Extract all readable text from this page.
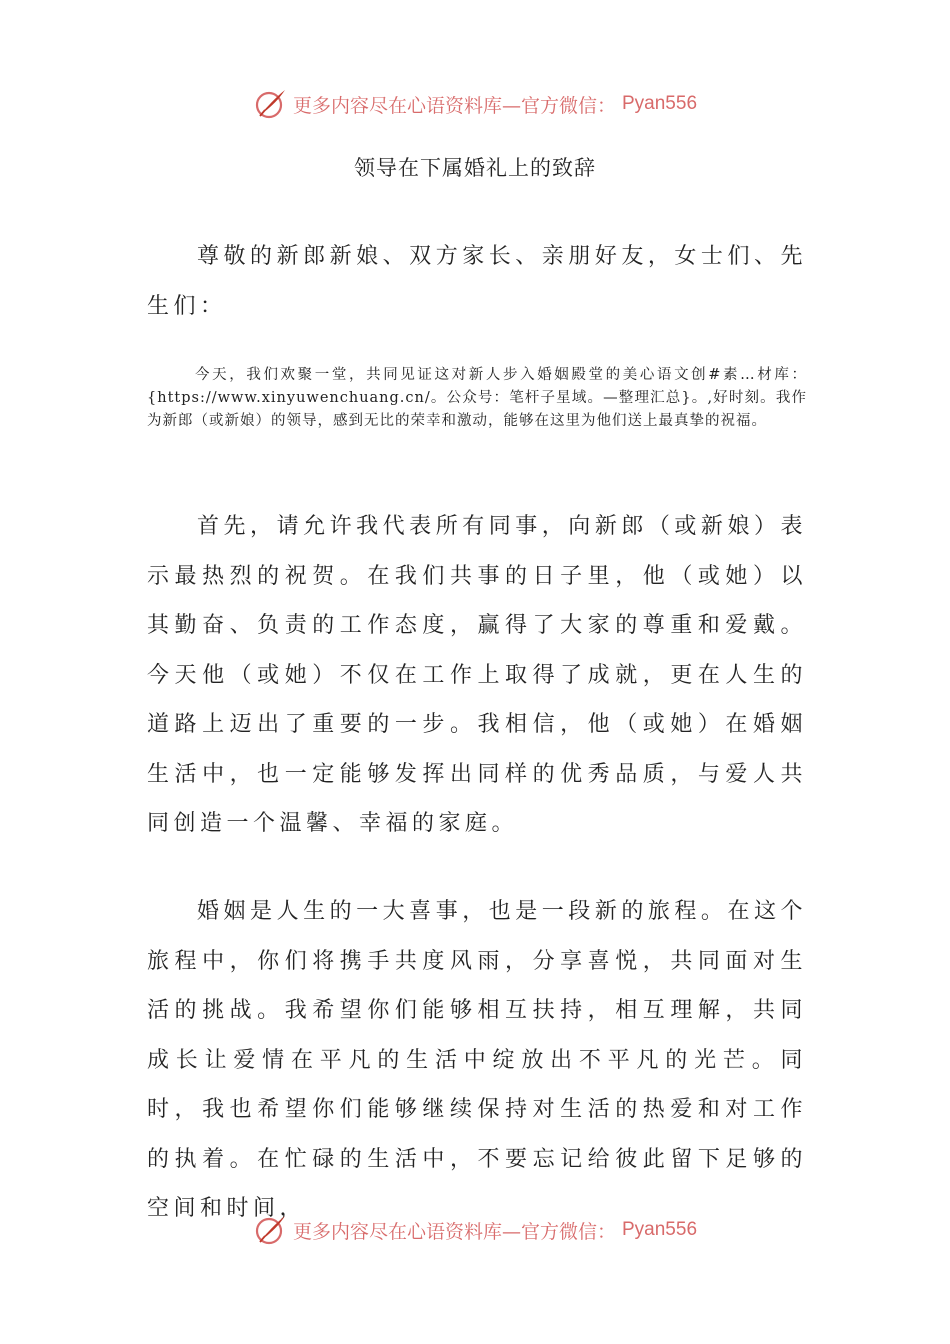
更多内容尽在心语资料库—官方微信： Pyan556
领导在下属婚礼上的致辞

尊敬的新郎新娘、双方家长、亲朋好友，女士们、先生们：

今天，我们欢聚一堂，共同见证这对新人步入婚姻殿堂的美心语文创#素…材库：{https://www.xinyuwenchuang.cn/。公众号：笔杆子星域。—整理汇总}。,好时刻。我作为新郎（或新娘）的领导，感到无比的荣幸和激动，能够在这里为他们送上最真挚的祝福。

首先，请允许我代表所有同事，向新郎（或新娘）表示最热烈的祝贺。在我们共事的日子里，他（或她）以其勤奋、负责的工作态度，赢得了大家的尊重和爱戴。今天他（或她）不仅在工作上取得了成就，更在人生的道路上迈出了重要的一步。我相信，他（或她）在婚姻生活中，也一定能够发挥出同样的优秀品质，与爱人共同创造一个温馨、幸福的家庭。

婚姻是人生的一大喜事，也是一段新的旅程。在这个旅程中，你们将携手共度风雨，分享喜悦，共同面对生活的挑战。我希望你们能够相互扶持，相互理解，共同成长让爱情在平凡的生活中绽放出不平凡的光芒。同时，我也希望你们能够继续保持对生活的热爱和对工作的执着。在忙碌的生活中，不要忘记给彼此留下足够的空间和时间，

更多内容尽在心语资料库—官方微信： Pyan556
